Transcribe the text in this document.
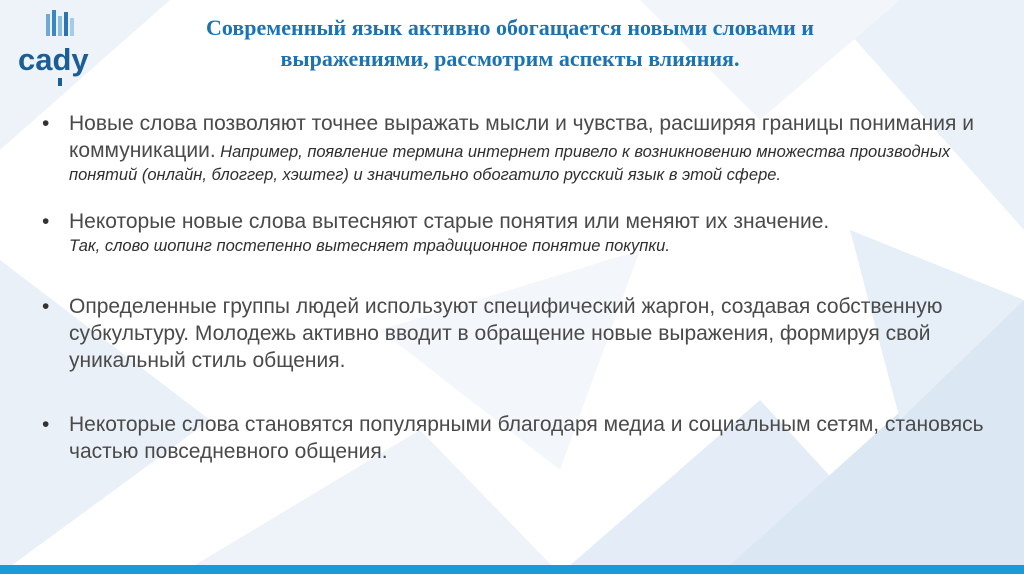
cady
Современный язык активно обогащается новыми словами и выражениями, рассмотрим аспекты влияния.
• Новые слова позволяют точнее выражать мысли и чувства, расширяя границы понимания и коммуникации. Например, появление термина интернет привело к возникновению множества производных понятий (онлайн, блоггер, хэштег) и значительно обогатило русский язык в этой сфере.
• Некоторые новые слова вытесняют старые понятия или меняют их значение.
Так, слово шопинг постепенно вытесняет традиционное понятие покупки.
• Определенные группы людей используют специфический жаргон, создавая собственную субкультуру. Молодежь активно вводит в обращение новые выражения, формируя свой уникальный стиль общения.
• Некоторые слова становятся популярными благодаря медиа и социальным сетям, становясь частью повседневного общения.
